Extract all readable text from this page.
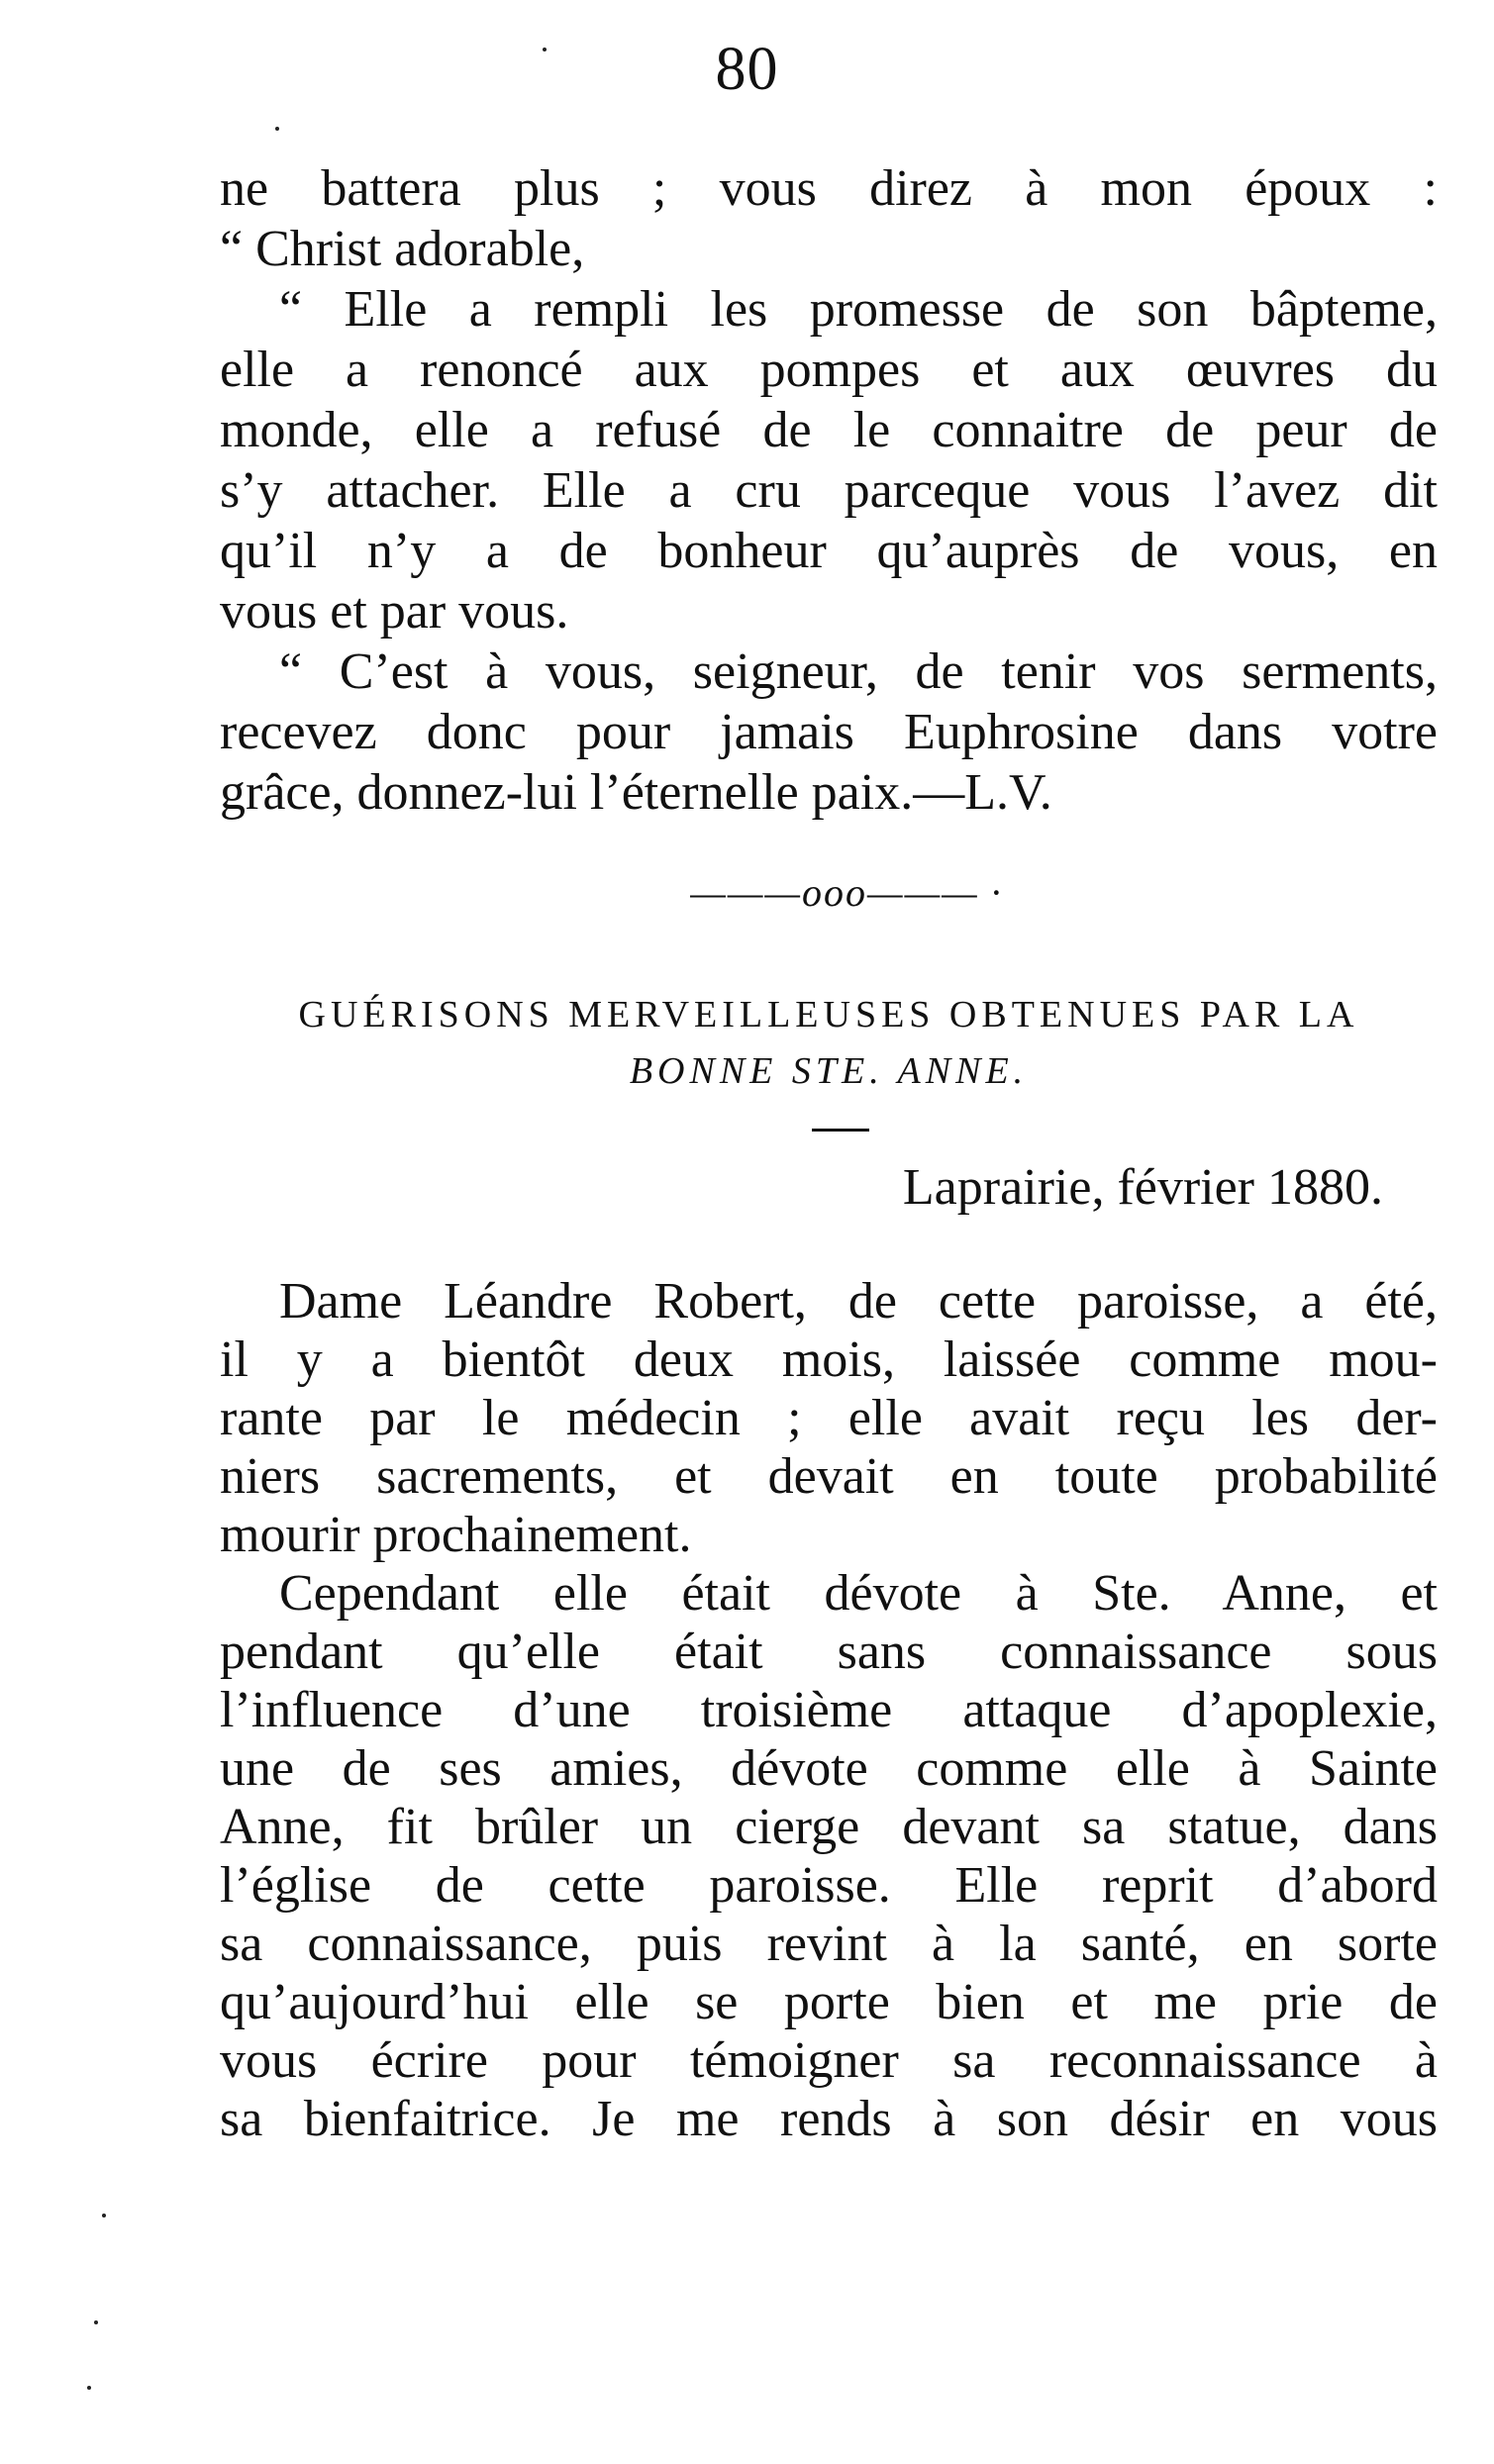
80
ne battera plus ; vous direz à mon époux :
“ Christ adorable,
“ Elle a rempli les promesse de son bâpteme,
elle a renoncé aux pompes et aux œuvres du
monde, elle a refusé de le connaitre de peur de
s’y attacher. Elle a cru parceque vous l’avez dit
qu’il n’y a de bonheur qu’auprès de vous, en
vous et par vous.
“ C’est à vous, seigneur, de tenir vos serments,
recevez donc pour jamais Euphrosine dans votre
grâce, donnez-lui l’éternelle paix.—L.V.
———ooo——— ·
GUÉRISONS MERVEILLEUSES OBTENUES PAR LA
BONNE STE. ANNE.
Laprairie, février 1880.
Dame Léandre Robert, de cette paroisse, a été,
il y a bientôt deux mois, laissée comme mou-
rante par le médecin ; elle avait reçu les der-
niers sacrements, et devait en toute probabilité
mourir prochainement.
Cependant elle était dévote à Ste. Anne, et
pendant qu’elle était sans connaissance sous
l’influence d’une troisième attaque d’apoplexie,
une de ses amies, dévote comme elle à Sainte
Anne, fit brûler un cierge devant sa statue, dans
l’église de cette paroisse. Elle reprit d’abord
sa connaissance, puis revint à la santé, en sorte
qu’aujourd’hui elle se porte bien et me prie de
vous écrire pour témoigner sa reconnaissance à
sa bienfaitrice. Je me rends à son désir en vous
